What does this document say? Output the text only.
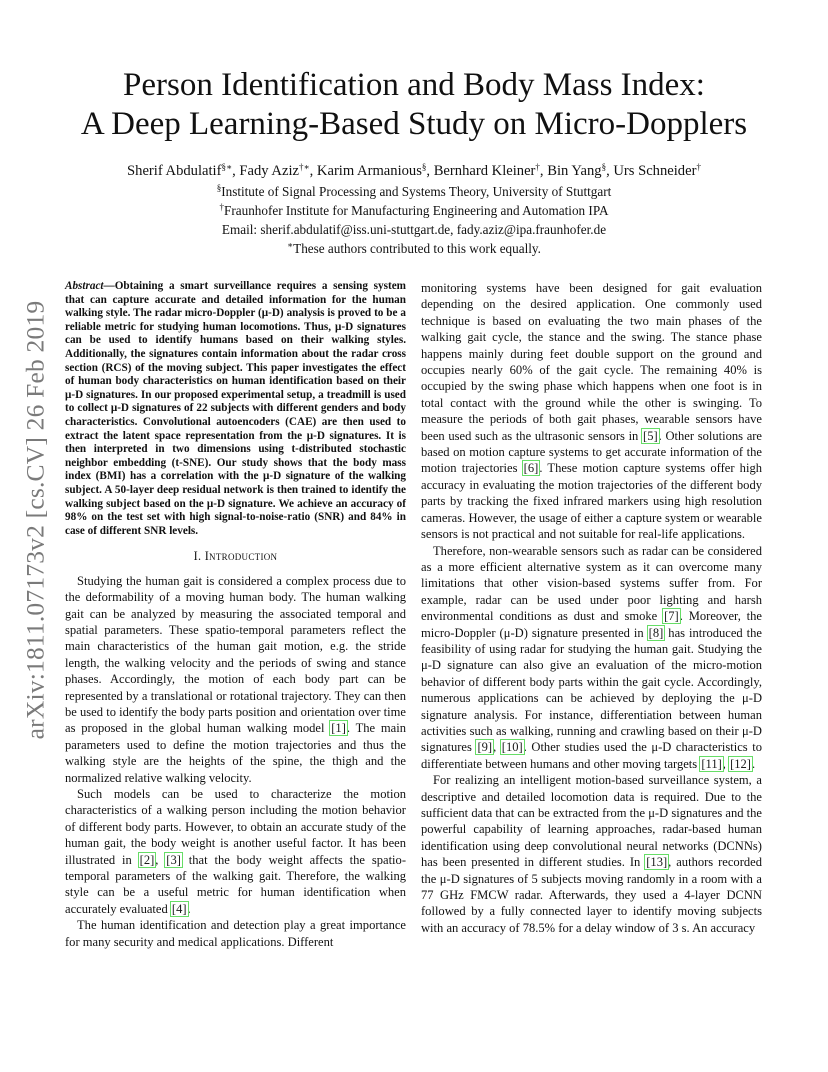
arXiv:1811.07173v2 [cs.CV] 26 Feb 2019
Person Identification and Body Mass Index:
A Deep Learning-Based Study on Micro-Dopplers
Sherif Abdulatif§∗, Fady Aziz†∗, Karim Armanious§, Bernhard Kleiner†, Bin Yang§, Urs Schneider†
§Institute of Signal Processing and Systems Theory, University of Stuttgart
†Fraunhofer Institute for Manufacturing Engineering and Automation IPA
Email: sherif.abdulatif@iss.uni-stuttgart.de, fady.aziz@ipa.fraunhofer.de
∗These authors contributed to this work equally.

Abstract—Obtaining a smart surveillance requires a sensing system that can capture accurate and detailed information for the human walking style. The radar micro-Doppler (μ-D) analysis is proved to be a reliable metric for studying human locomotions. Thus, μ-D signatures can be used to identify humans based on their walking styles. Additionally, the signatures contain information about the radar cross section (RCS) of the moving subject. This paper investigates the effect of human body characteristics on human identification based on their μ-D signatures. In our proposed experimental setup, a treadmill is used to collect μ-D signatures of 22 subjects with different genders and body characteristics. Convolutional autoencoders (CAE) are then used to extract the latent space representation from the μ-D signatures. It is then interpreted in two dimensions using t-distributed stochastic neighbor embedding (t-SNE). Our study shows that the body mass index (BMI) has a correlation with the μ-D signature of the walking subject. A 50-layer deep residual network is then trained to identify the walking subject based on the μ-D signature. We achieve an accuracy of 98% on the test set with high signal-to-noise-ratio (SNR) and 84% in case of different SNR levels.

I. Introduction

Studying the human gait is considered a complex process due to the deformability of a moving human body. The human walking gait can be analyzed by measuring the associated temporal and spatial parameters. These spatio-temporal parameters reflect the main characteristics of the human gait motion, e.g. the stride length, the walking velocity and the periods of swing and stance phases. Accordingly, the motion of each body part can be represented by a translational or rotational trajectory. They can then be used to identify the body parts position and orientation over time as proposed in the global human walking model [1]. The main parameters used to define the motion trajectories and thus the walking style are the heights of the spine, the thigh and the normalized relative walking velocity.

Such models can be used to characterize the motion characteristics of a walking person including the motion behavior of different body parts. However, to obtain an accurate study of the human gait, the body weight is another useful factor. It has been illustrated in [2], [3] that the body weight affects the spatio-temporal parameters of the walking gait. Therefore, the walking style can be a useful metric for human identification when accurately evaluated [4].

The human identification and detection play a great importance for many security and medical applications. Different

monitoring systems have been designed for gait evaluation depending on the desired application. One commonly used technique is based on evaluating the two main phases of the walking gait cycle, the stance and the swing. The stance phase happens mainly during feet double support on the ground and occupies nearly 60% of the gait cycle. The remaining 40% is occupied by the swing phase which happens when one foot is in total contact with the ground while the other is swinging. To measure the periods of both gait phases, wearable sensors have been used such as the ultrasonic sensors in [5]. Other solutions are based on motion capture systems to get accurate information of the motion trajectories [6]. These motion capture systems offer high accuracy in evaluating the motion trajectories of the different body parts by tracking the fixed infrared markers using high resolution cameras. However, the usage of either a capture system or wearable sensors is not practical and not suitable for real-life applications.

Therefore, non-wearable sensors such as radar can be considered as a more efficient alternative system as it can overcome many limitations that other vision-based systems suffer from. For example, radar can be used under poor lighting and harsh environmental conditions as dust and smoke [7]. Moreover, the micro-Doppler (μ-D) signature presented in [8] has introduced the feasibility of using radar for studying the human gait. Studying the μ-D signature can also give an evaluation of the micro-motion behavior of different body parts within the gait cycle. Accordingly, numerous applications can be achieved by deploying the μ-D signature analysis. For instance, differentiation between human activities such as walking, running and crawling based on their μ-D signatures [9], [10]. Other studies used the μ-D characteristics to differentiate between humans and other moving targets [11], [12].

For realizing an intelligent motion-based surveillance system, a descriptive and detailed locomotion data is required. Due to the sufficient data that can be extracted from the μ-D signatures and the powerful capability of learning approaches, radar-based human identification using deep convolutional neural networks (DCNNs) has been presented in different studies. In [13], authors recorded the μ-D signatures of 5 subjects moving randomly in a room with a 77 GHz FMCW radar. Afterwards, they used a 4-layer DCNN followed by a fully connected layer to identify moving subjects with an accuracy of 78.5% for a delay window of 3 s. An accuracy
